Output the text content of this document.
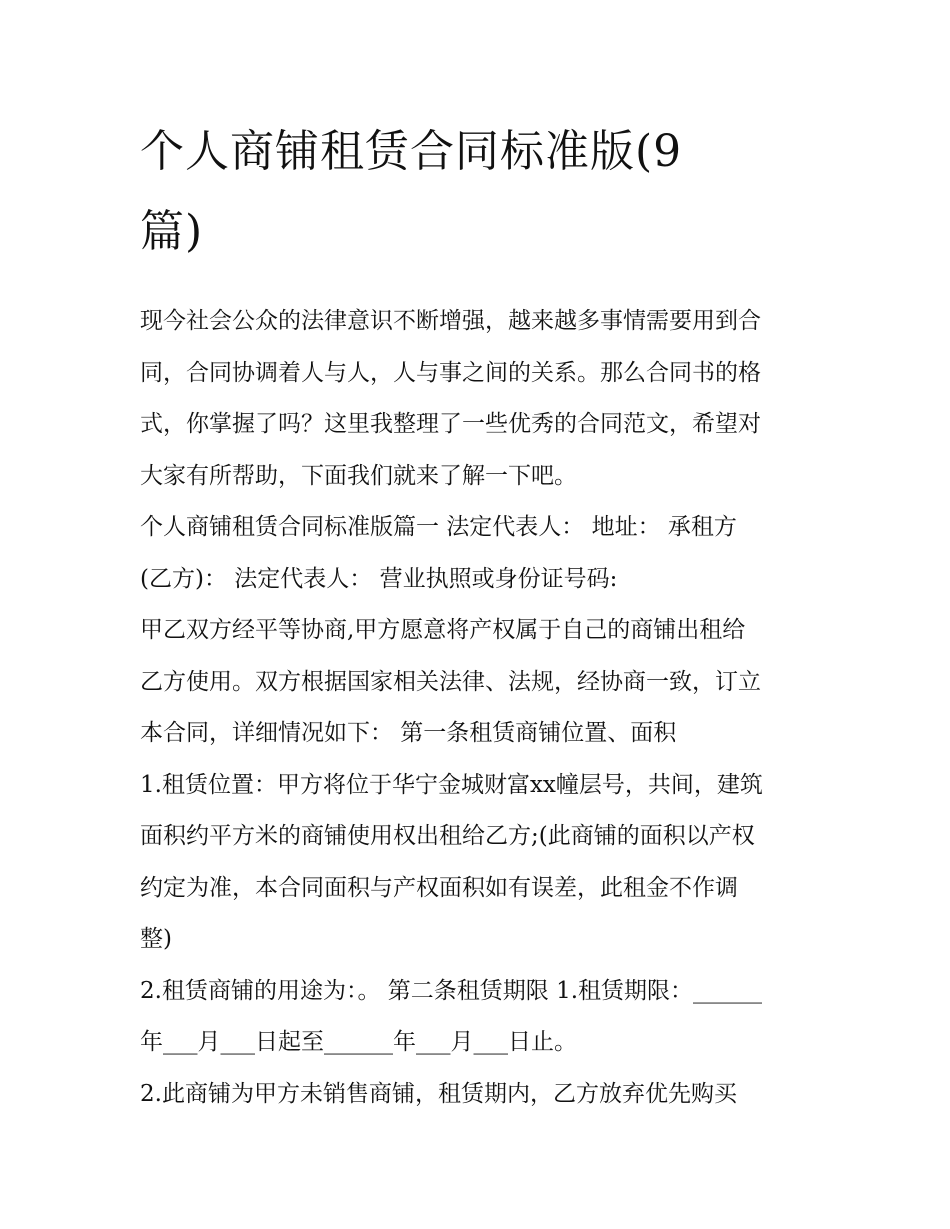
个人商铺租赁合同标准版(9
篇)

现今社会公众的法律意识不断增强，越来越多事情需要用到合
同，合同协调着人与人，人与事之间的关系。那么合同书的格
式，你掌握了吗？这里我整理了一些优秀的合同范文，希望对
大家有所帮助，下面我们就来了解一下吧。

个人商铺租赁合同标准版篇一 法定代表人： 地址： 承租方
(乙方)： 法定代表人： 营业执照或身份证号码:

甲乙双方经平等协商,甲方愿意将产权属于自己的商铺出租给
乙方使用。双方根据国家相关法律、法规，经协商一致，订立
本合同，详细情况如下： 第一条租赁商铺位置、面积

1.租赁位置：甲方将位于华宁金城财富xx幢层号，共间，建筑
面积约平方米的商铺使用权出租给乙方;(此商铺的面积以产权
约定为准，本合同面积与产权面积如有误差，此租金不作调
整)

2.租赁商铺的用途为：。 第二条租赁期限 1.租赁期限：______
年___月___日起至______年___月___日止。

2.此商铺为甲方未销售商铺，租赁期内，乙方放弃优先购买
